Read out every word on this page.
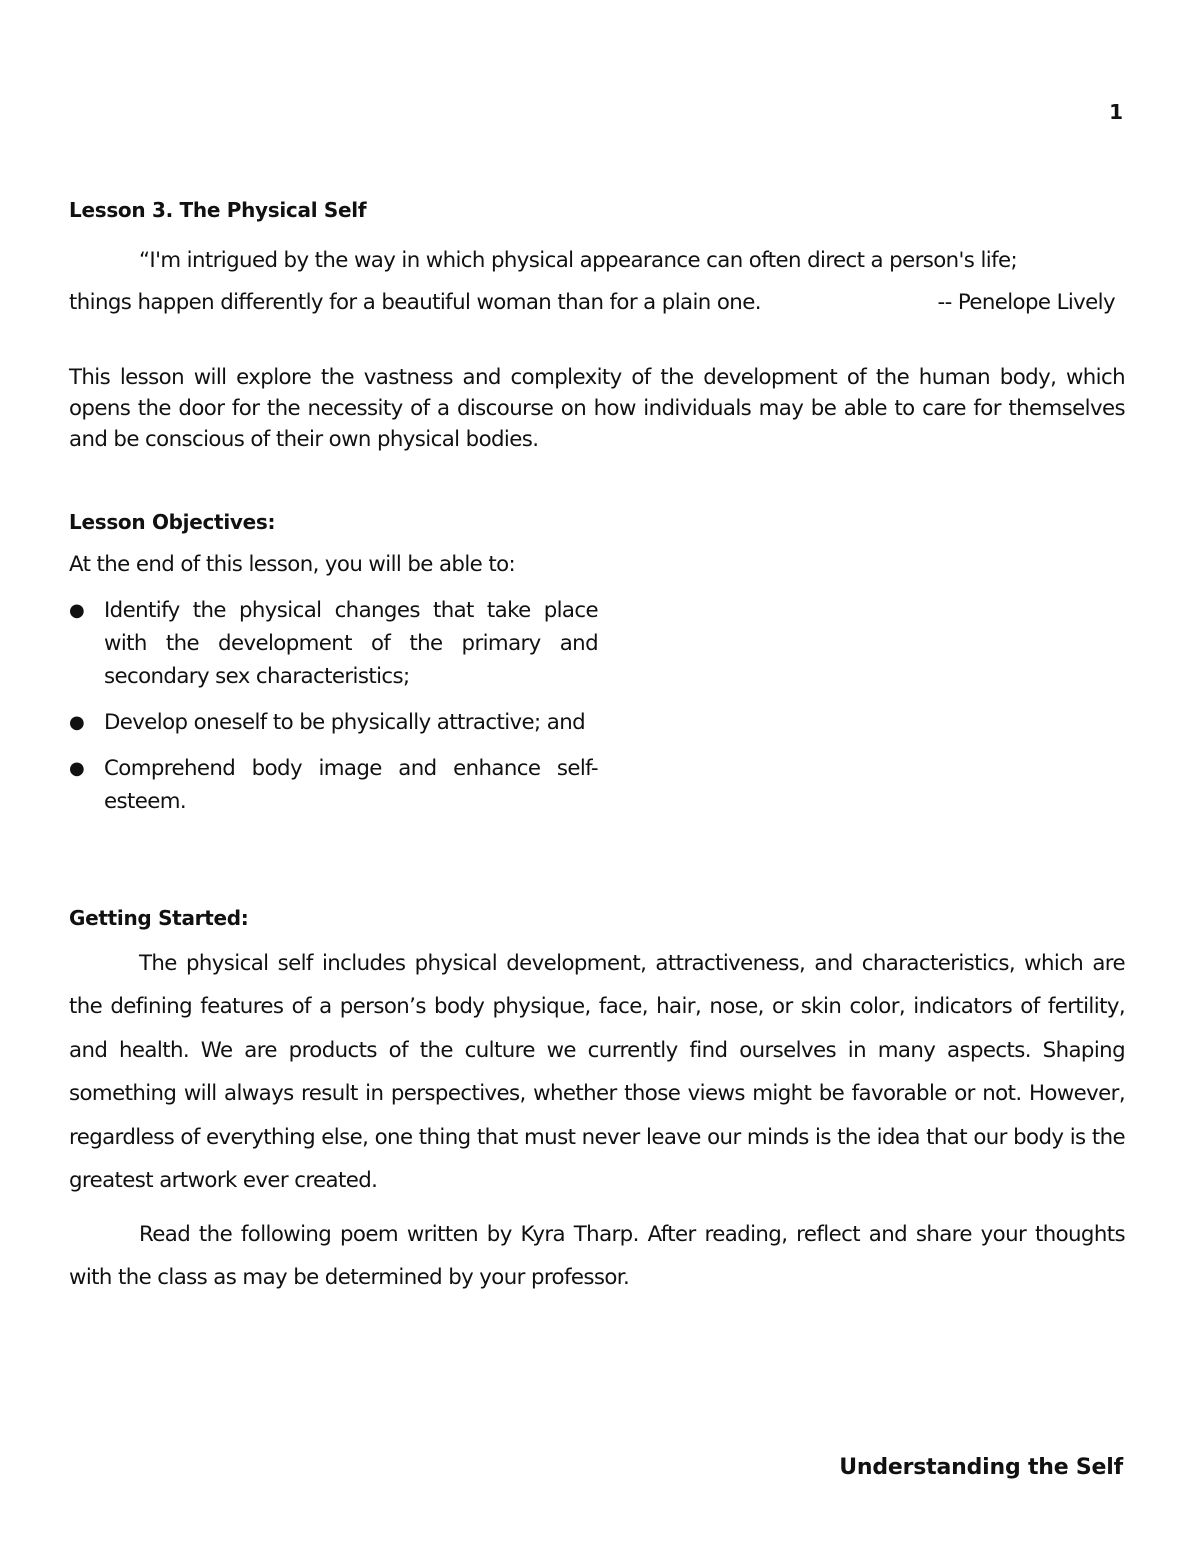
1
Lesson 3. The Physical Self
“I'm intrigued by the way in which physical appearance can often direct a person's life;
things happen differently for a beautiful woman than for a plain one.	-- Penelope Lively
This lesson will explore the vastness and complexity of the development of the human body, which opens the door for the necessity of a discourse on how individuals may be able to care for themselves and be conscious of their own physical bodies.
Lesson Objectives:
At the end of this lesson, you will be able to:
● Identify the physical changes that take place with the development of the primary and secondary sex characteristics;
● Develop oneself to be physically attractive; and
● Comprehend body image and enhance self-esteem.
Getting Started:
The physical self includes physical development, attractiveness, and characteristics, which are the defining features of a person’s body physique, face, hair, nose, or skin color, indicators of fertility, and health. We are products of the culture we currently find ourselves in many aspects. Shaping something will always result in perspectives, whether those views might be favorable or not. However, regardless of everything else, one thing that must never leave our minds is the idea that our body is the greatest artwork ever created.
Read the following poem written by Kyra Tharp. After reading, reflect and share your thoughts with the class as may be determined by your professor.
Understanding the Self
